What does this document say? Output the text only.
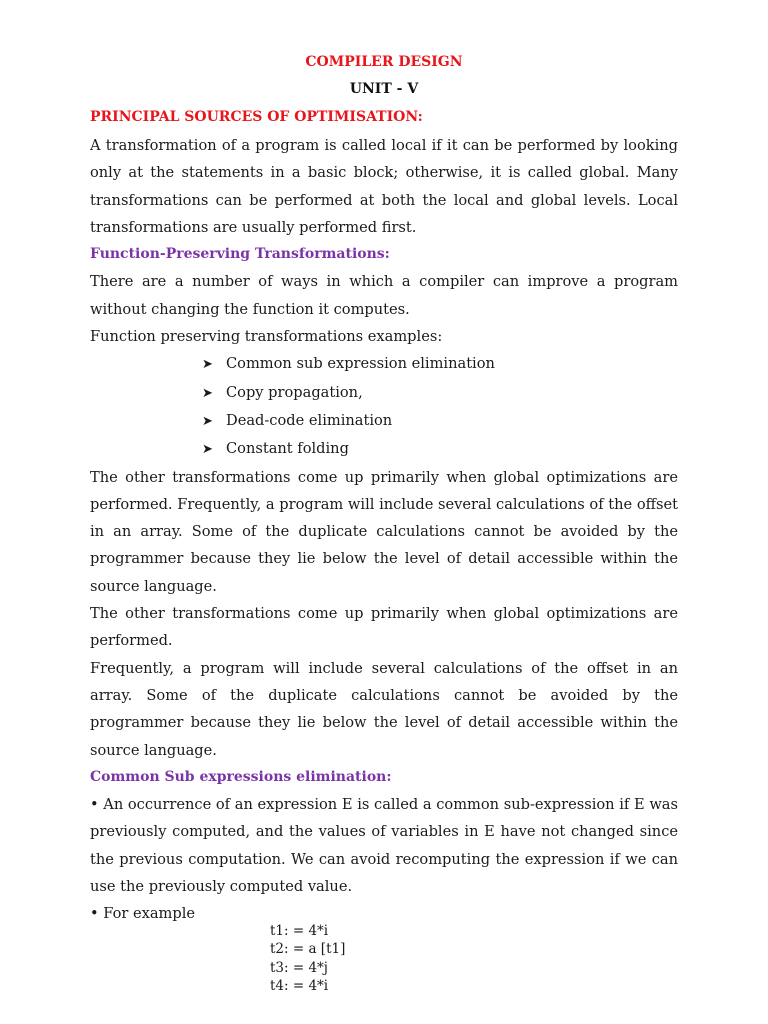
COMPILER DESIGN
UNIT - V

PRINCIPAL SOURCES OF OPTIMISATION:

A transformation of a program is called local if it can be performed by looking only at the statements in a basic block; otherwise, it is called global. Many transformations can be performed at both the local and global levels. Local transformations are usually performed first.

Function-Preserving Transformations:

There are a number of ways in which a compiler can improve a program without changing the function it computes.

Function preserving transformations examples:

➤ Common sub expression elimination
➤ Copy propagation,
➤ Dead-code elimination
➤ Constant folding

The other transformations come up primarily when global optimizations are performed. Frequently, a program will include several calculations of the offset in an array. Some of the duplicate calculations cannot be avoided by the programmer because they lie below the level of detail accessible within the source language.

The other transformations come up primarily when global optimizations are performed.

Frequently, a program will include several calculations of the offset in an array. Some of the duplicate calculations cannot be avoided by the programmer because they lie below the level of detail accessible within the source language.

Common Sub expressions elimination:

• An occurrence of an expression E is called a common sub-expression if E was previously computed, and the values of variables in E have not changed since the previous computation. We can avoid recomputing the expression if we can use the previously computed value.

• For example

t1: = 4*i
t2: = a [t1]
t3: = 4*j
t4: = 4*i
